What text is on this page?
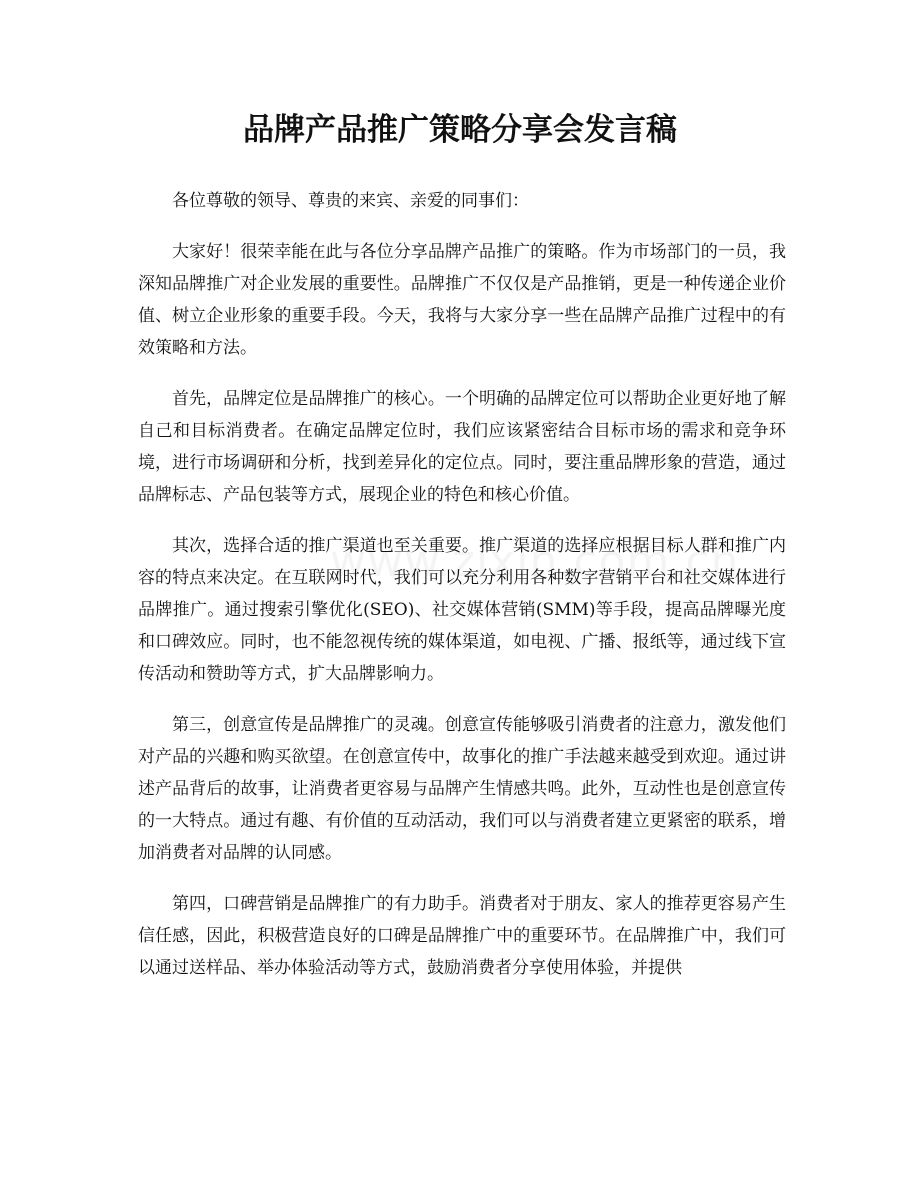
品牌产品推广策略分享会发言稿

各位尊敬的领导、尊贵的来宾、亲爱的同事们：

大家好！很荣幸能在此与各位分享品牌产品推广的策略。作为市场部门的一员，我深知品牌推广对企业发展的重要性。品牌推广不仅仅是产品推销，更是一种传递企业价值、树立企业形象的重要手段。今天，我将与大家分享一些在品牌产品推广过程中的有效策略和方法。

首先，品牌定位是品牌推广的核心。一个明确的品牌定位可以帮助企业更好地了解自己和目标消费者。在确定品牌定位时，我们应该紧密结合目标市场的需求和竞争环境，进行市场调研和分析，找到差异化的定位点。同时，要注重品牌形象的营造，通过品牌标志、产品包装等方式，展现企业的特色和核心价值。

其次，选择合适的推广渠道也至关重要。推广渠道的选择应根据目标人群和推广内容的特点来决定。在互联网时代，我们可以充分利用各种数字营销平台和社交媒体进行品牌推广。通过搜索引擎优化(SEO)、社交媒体营销(SMM)等手段，提高品牌曝光度和口碑效应。同时，也不能忽视传统的媒体渠道，如电视、广播、报纸等，通过线下宣传活动和赞助等方式，扩大品牌影响力。

第三，创意宣传是品牌推广的灵魂。创意宣传能够吸引消费者的注意力，激发他们对产品的兴趣和购买欲望。在创意宣传中，故事化的推广手法越来越受到欢迎。通过讲述产品背后的故事，让消费者更容易与品牌产生情感共鸣。此外，互动性也是创意宣传的一大特点。通过有趣、有价值的互动活动，我们可以与消费者建立更紧密的联系，增加消费者对品牌的认同感。

第四，口碑营销是品牌推广的有力助手。消费者对于朋友、家人的推荐更容易产生信任感，因此，积极营造良好的口碑是品牌推广中的重要环节。在品牌推广中，我们可以通过送样品、举办体验活动等方式，鼓励消费者分享使用体验，并提供
